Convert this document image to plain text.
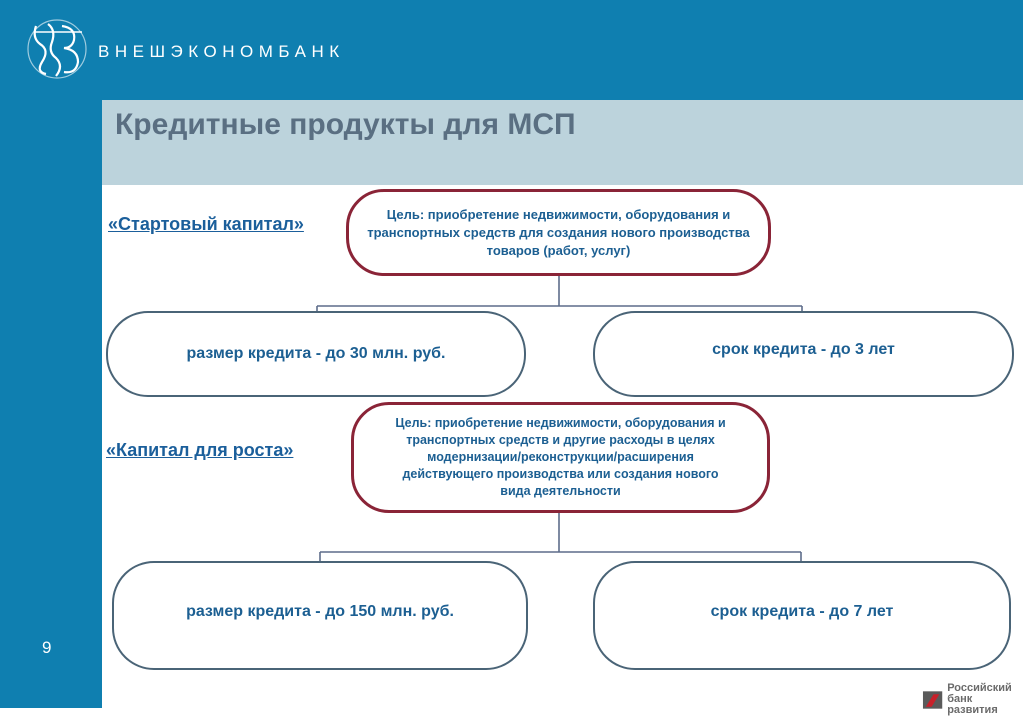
ВНЕШЭКОНОМБАНК
Кредитные продукты для МСП
9
«Стартовый капитал»	Цель: приобретение недвижимости, оборудования и транспортных средств для создания нового производства товаров (работ, услуг)
размер кредита - до 30 млн. руб.	срок кредита - до 3 лет
«Капитал для роста»
Цель: приобретение недвижимости, оборудования и транспортных средств и другие расходы в целях модернизации/реконструкции/расширения действующего производства или создания нового вида деятельности
размер кредита - до 150 млн. руб.	срок кредита - до 7 лет
Российский
банк развития
